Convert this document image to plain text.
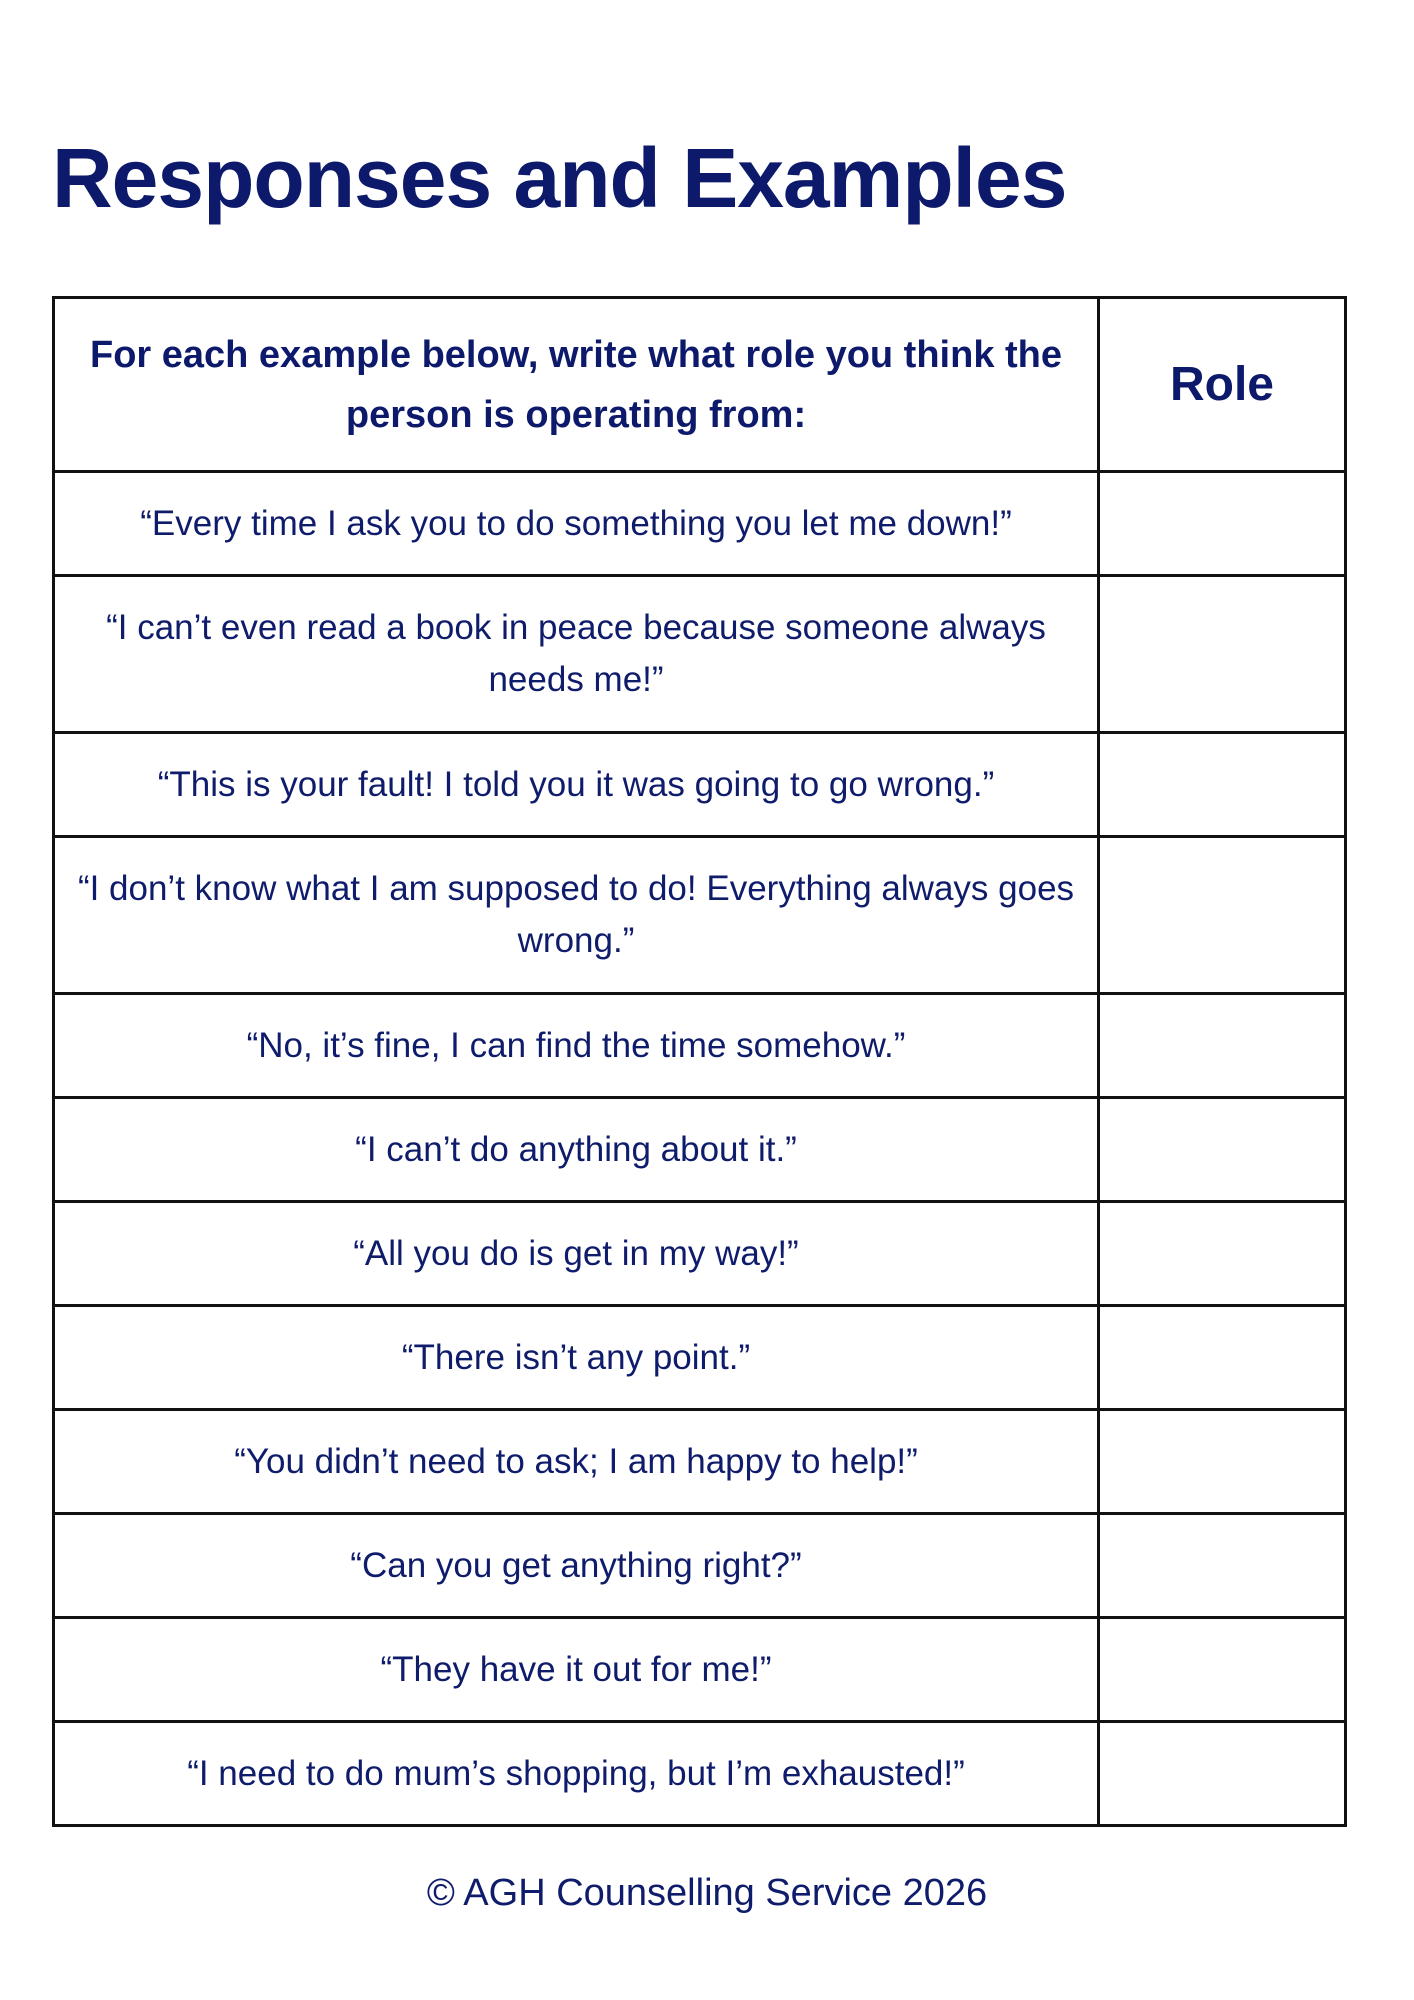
Responses and Examples
For each example below, write what role you think the person is operating from:	Role
“Every time I ask you to do something you let me down!”	
“I can’t even read a book in peace because someone always needs me!”	
“This is your fault! I told you it was going to go wrong.”	
“I don’t know what I am supposed to do! Everything always goes wrong.”	
“No, it’s fine, I can find the time somehow.”	
“I can’t do anything about it.”	
“All you do is get in my way!”	
“There isn’t any point.”	
“You didn’t need to ask; I am happy to help!”	
“Can you get anything right?”	
“They have it out for me!”	
“I need to do mum’s shopping, but I’m exhausted!”	
© AGH Counselling Service 2026
